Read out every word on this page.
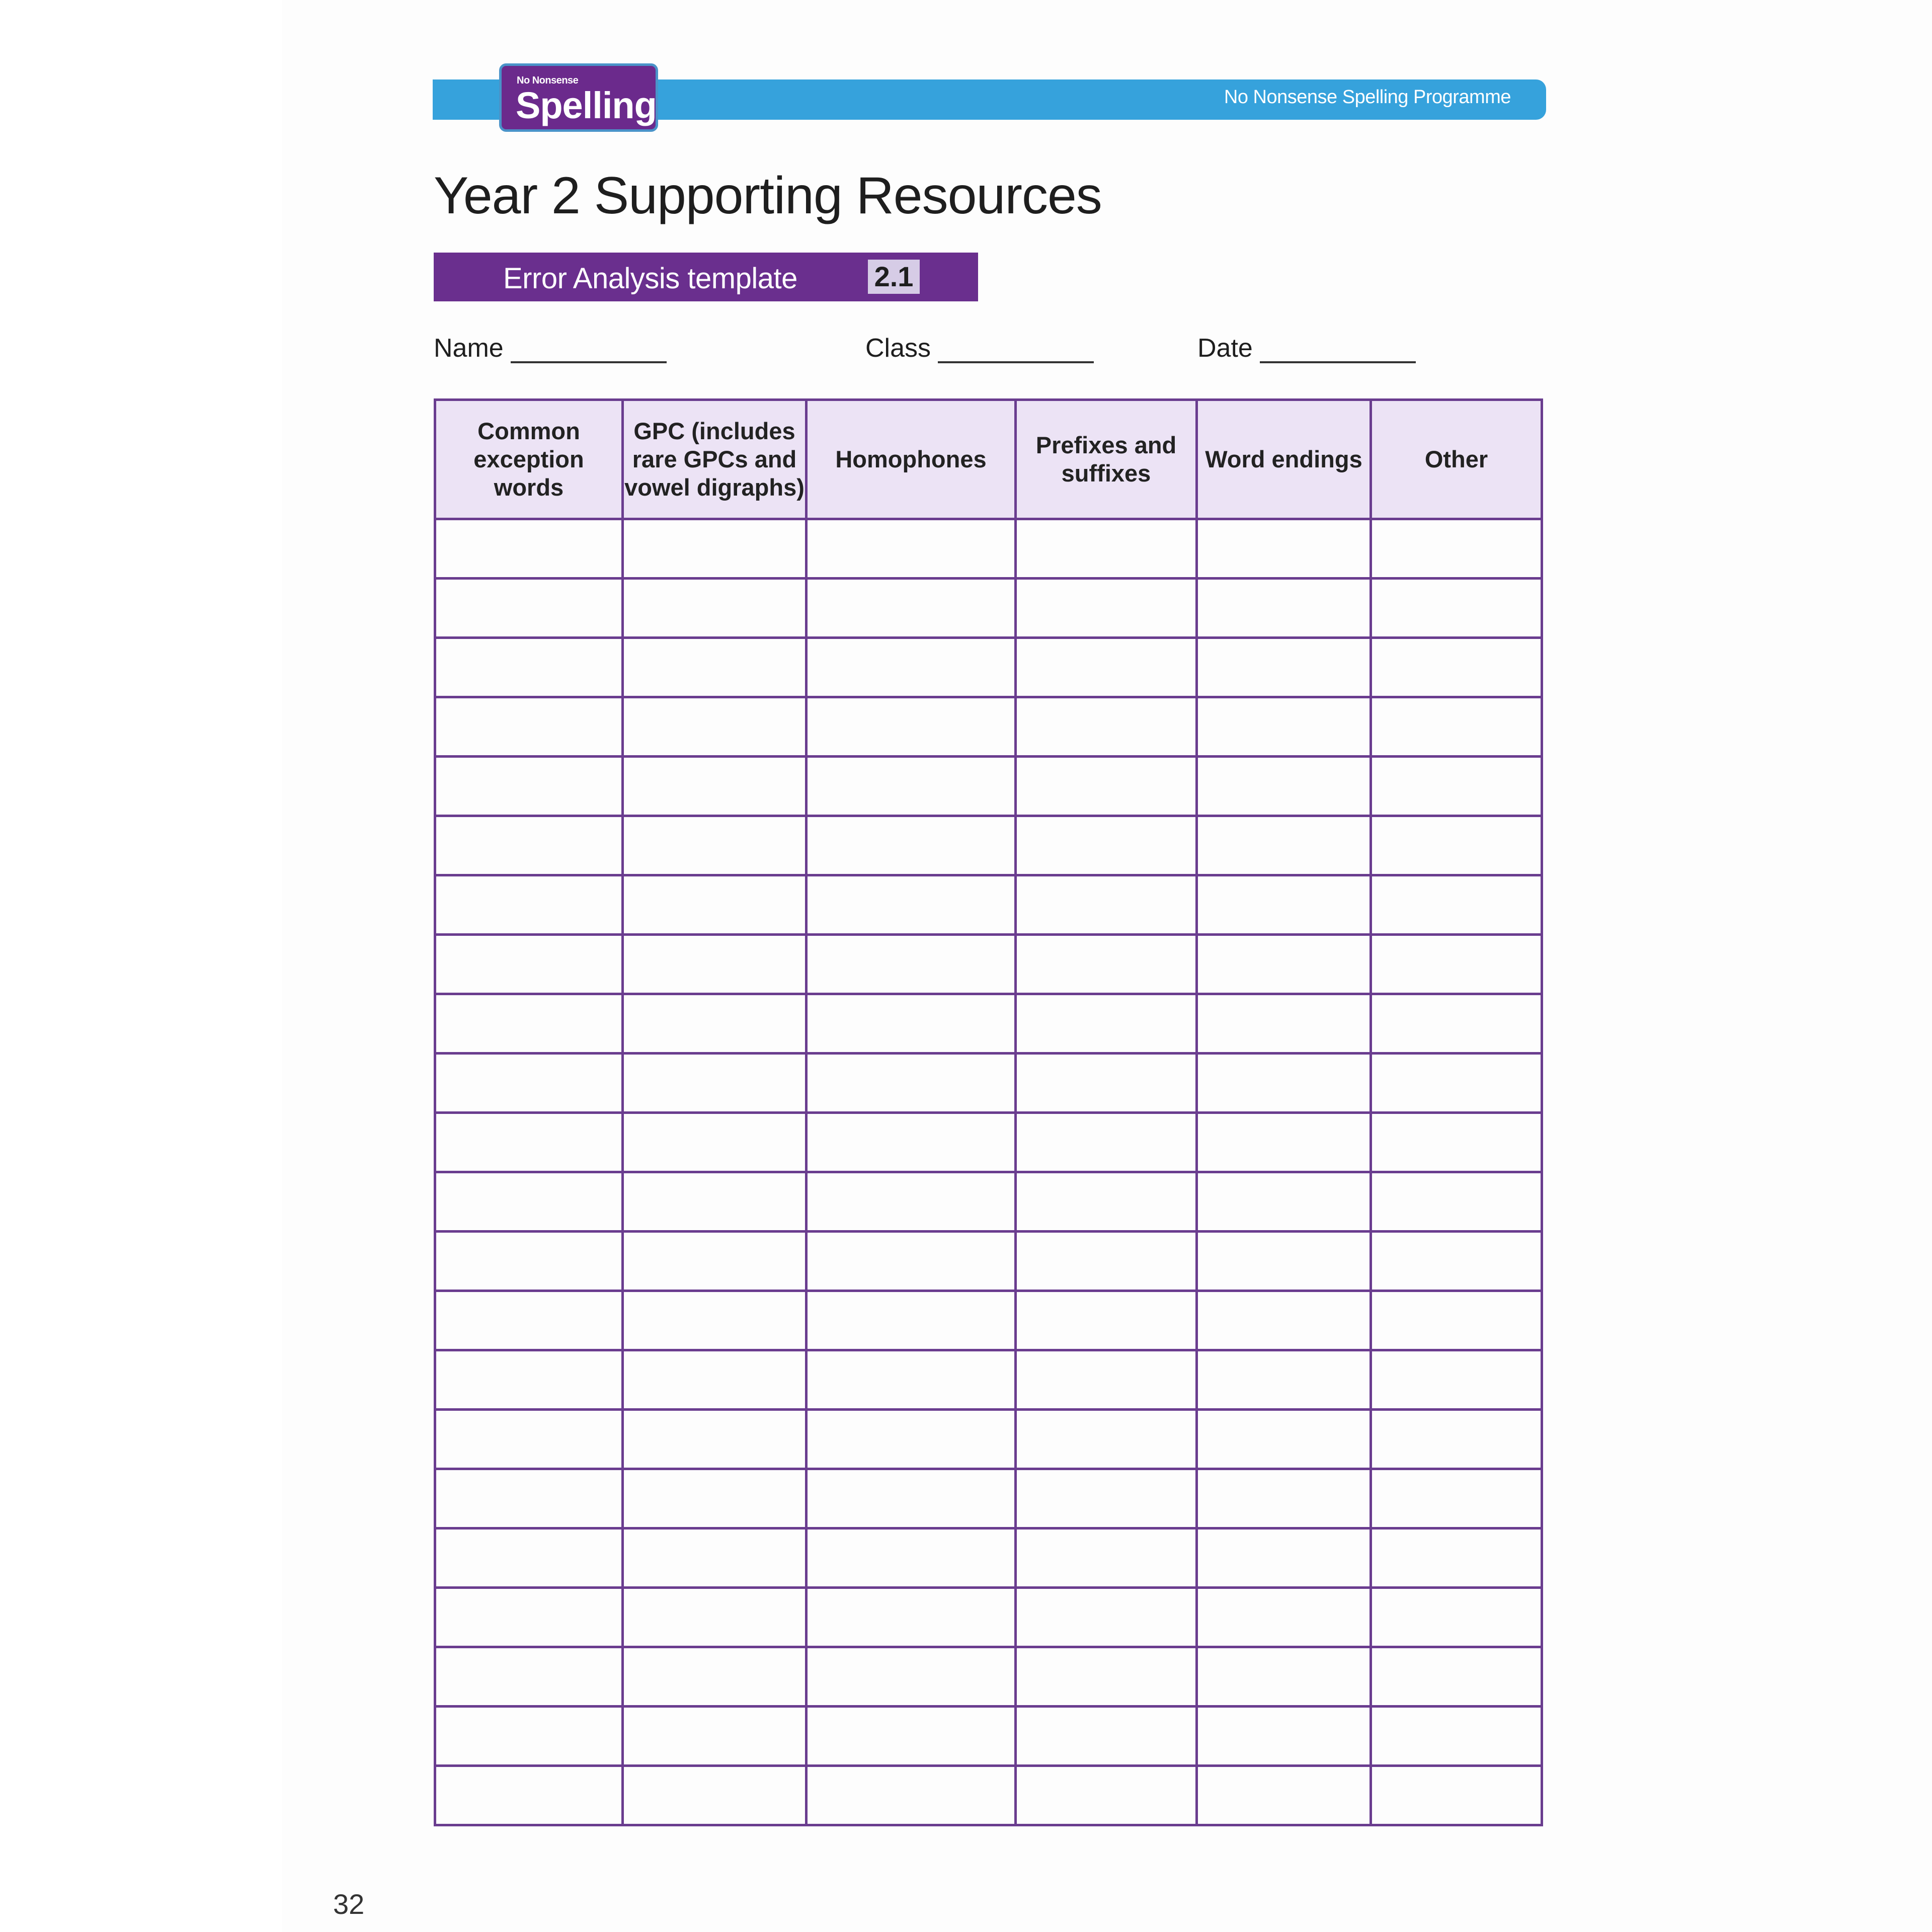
No Nonsense Spelling Programme
No Nonsense
Spelling
Year 2 Supporting Resources
Error Analysis template	2.1
Name	Class	Date
Common exception words	GPC (includes rare GPCs and vowel digraphs)	Homophones	Prefixes and suffixes	Word endings	Other

32
